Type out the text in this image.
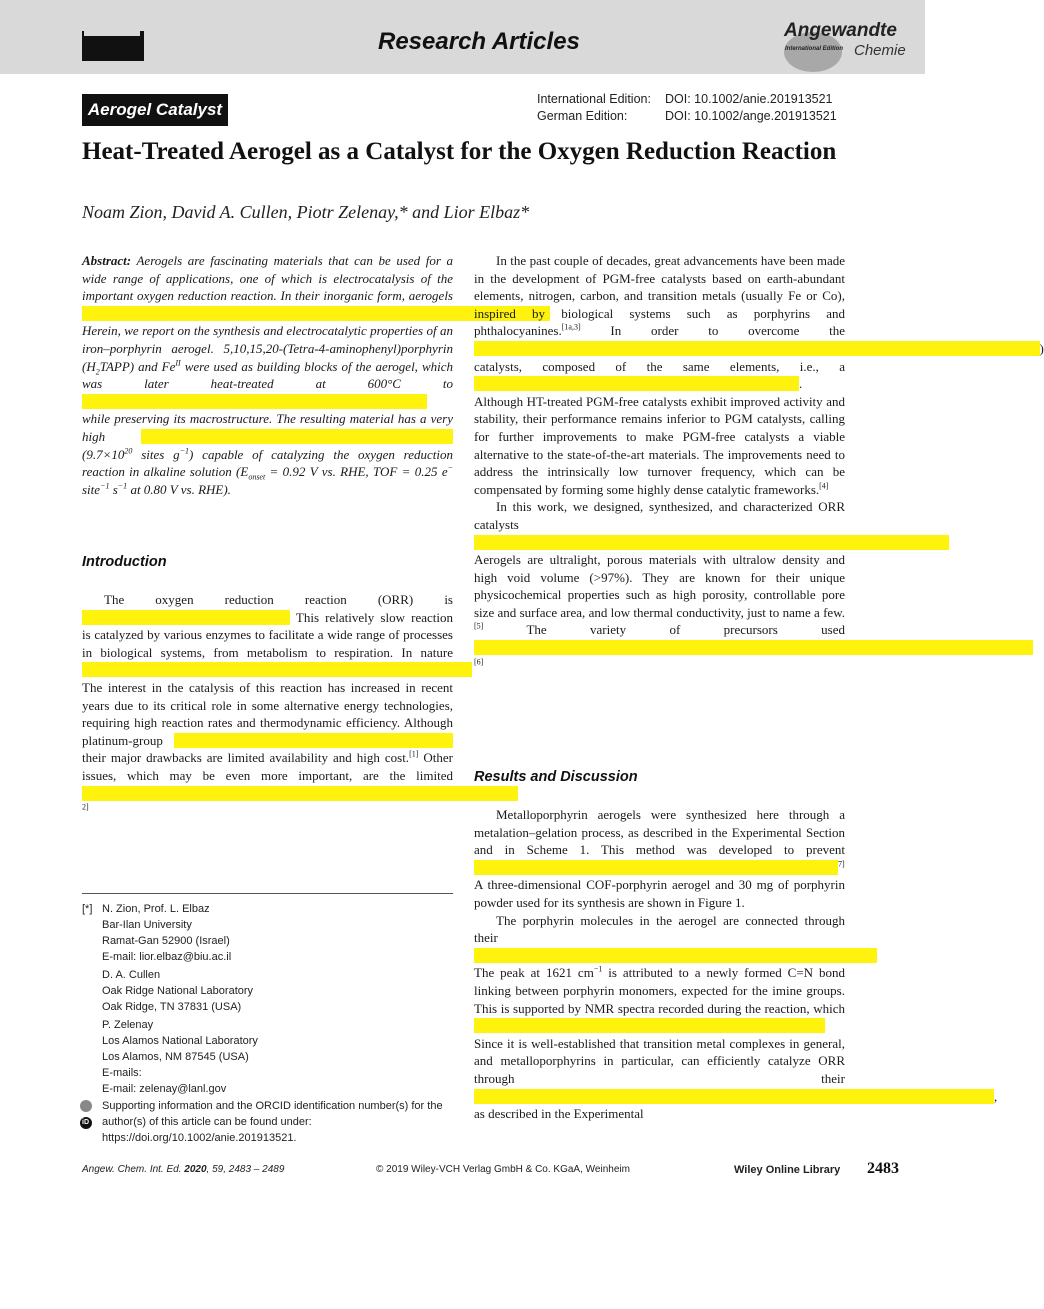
Research Articles	Angewandte
International Edition Chemie
Aerogel Catalyst
International Edition: DOI: 10.1002/anie.201913521
German Edition:	DOI: 10.1002/ange.201913521
Heat-Treated Aerogel as a Catalyst for the Oxygen Reduction Reaction
Noam Zion, David A. Cullen, Piotr Zelenay,* and Lior Elbaz*

Abstract: Aerogels are fascinating materials that can be used for a wide range of applications, one of which is electrocatalysis of the important oxygen reduction reaction. In their inorganic form, aerogels                                                                         

Herein, we report on the synthesis and electrocatalytic properties of an iron–porphyrin aerogel. 5,10,15,20-(Tetra-4-aminophenyl)porphyrin $(H_2TAPP)$ and $Fe^{II}$ were used as building blocks of the aerogel, which was later heat-treated at 600°C to                                                       while preserving its macrostructure. The resulting material has a very high                                                  ($9.7\times 10^{20}$ sites $g^{-1}$) capable of catalyzing the oxygen reduction reaction in alkaline solution ($E_{onset} = 0.92$ V vs. RHE, TOF = 0.25 e− site$^{-1}$ $s^{-1}$ at 0.80 V vs. RHE).

Introduction

The oxygen reduction reaction (ORR) is                                  This relatively slow reaction is catalyzed by various enzymes to facilitate a wide range of processes in biological systems, from metabolism to respiration. In nature                                                              The interest in the catalysis of this reaction has increased in recent years due to its critical role in some alternative energy technologies, requiring high reaction rates and thermodynamic efficiency. Although platinum-group                                             their major drawbacks are limited availability and high cost.[1] Other issues, which may be even more important, are the limited                                                                    $^{2]}$

[*] N. Zion, Prof. L. Elbaz
Bar-Ilan University
Ramat-Gan 52900 (Israel)
E-mail: lior.elbaz@biu.ac.il
D. A. Cullen
Oak Ridge National Laboratory
Oak Ridge, TN 37831 (USA)
P. Zelenay
Los Alamos National Laboratory
Los Alamos, NM 87545 (USA)
E-mails:
E-mail: zelenay@lanl.gov
iD
Supporting information and the ORCID identification number(s) for the author(s) of this article can be found under: https://doi.org/10.1002/anie.201913521.

In the past couple of decades, great advancements have been made in the development of PGM-free catalysts based on earth-abundant elements, nitrogen, carbon, and transition metals (usually Fe or Co), inspired by biological systems such as porphyrins and phthalocyanines.[1a,3] In order to overcome the                                                                                        ) catalysts, composed of the same elements, i.e., a                                                   . Although HT-treated PGM-free catalysts exhibit improved activity and stability, their performance remains inferior to PGM catalysts, calling for further improvements to make PGM-free catalysts a viable alternative to the state-of-the-art materials. The improvements need to address the intrinsically low turnover frequency, which can be compensated by forming some highly dense catalytic frameworks.[4]

In this work, we designed, synthesized, and characterized ORR catalysts                                                                           Aerogels are ultralight, porous materials with ultralow density and high void volume (>97%). They are known for their unique physicochemical properties such as high porosity, controllable pore size and surface area, and low thermal conductivity, just to name a few.[5]	The variety of precursors used                                                                                       [6]

Results and Discussion

Metalloporphyrin aerogels were synthesized here through a metalation–gelation process, as described in the Experimental Section and in Scheme 1. This method was developed to prevent                                                         $^{7]}$ A three-dimensional COF-porphyrin aerogel and 30 mg of porphyrin powder used for its synthesis are shown in Figure 1.

The porphyrin molecules in the aerogel are connected through their                                                                The peak at 1621 $cm^{-1}$ is attributed to a newly formed C=N bond linking between porphyrin monomers, expected for the imine groups. This is supported by NMR spectra recorded during the reaction, which                                                        Since it is well-established that transition metal complexes in general, and metalloporphyrins in particular, can efficiently catalyze ORR through their                                                                                 , as described in the Experimental

Angew. Chem. Int. Ed. 2020, 59, 2483 – 2489	© 2019 Wiley-VCH Verlag GmbH & Co. KGaA, Weinheim	Wiley Online Library 2483
